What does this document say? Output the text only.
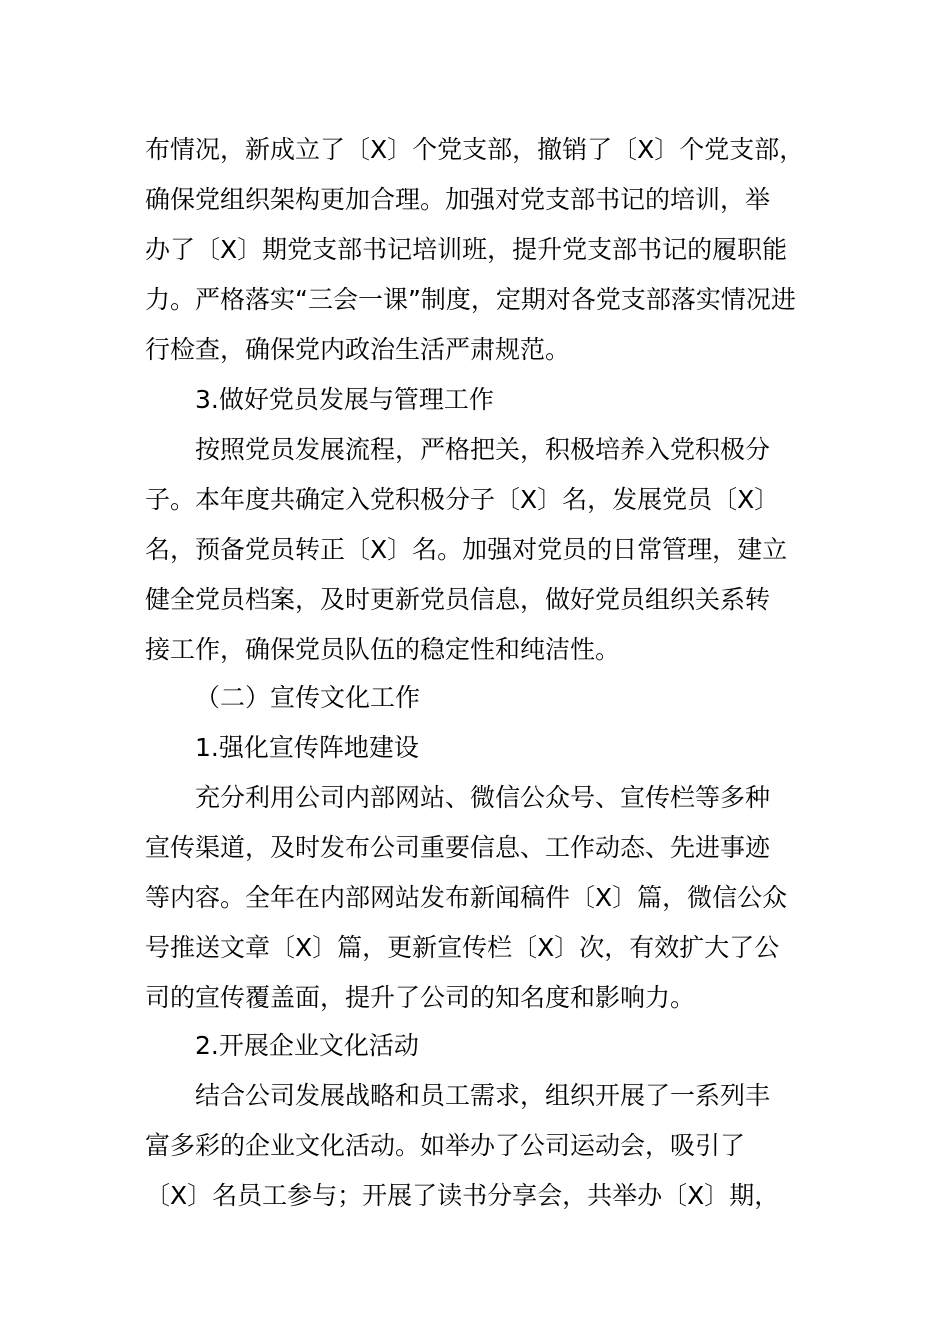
布情况，新成立了〔X〕个党支部，撤销了〔X〕个党支部，
确保党组织架构更加合理。加强对党支部书记的培训，举
办了〔X〕期党支部书记培训班，提升党支部书记的履职能
力。严格落实“三会一课”制度，定期对各党支部落实情况进
行检查，确保党内政治生活严肃规范。
3.做好党员发展与管理工作
按照党员发展流程，严格把关，积极培养入党积极分
子。本年度共确定入党积极分子〔X〕名，发展党员〔X〕
名，预备党员转正〔X〕名。加强对党员的日常管理，建立
健全党员档案，及时更新党员信息，做好党员组织关系转
接工作，确保党员队伍的稳定性和纯洁性。
（二）宣传文化工作
1.强化宣传阵地建设
充分利用公司内部网站、微信公众号、宣传栏等多种
宣传渠道，及时发布公司重要信息、工作动态、先进事迹
等内容。全年在内部网站发布新闻稿件〔X〕篇，微信公众
号推送文章〔X〕篇，更新宣传栏〔X〕次，有效扩大了公
司的宣传覆盖面，提升了公司的知名度和影响力。
2.开展企业文化活动
结合公司发展战略和员工需求，组织开展了一系列丰
富多彩的企业文化活动。如举办了公司运动会，吸引了
〔X〕名员工参与；开展了读书分享会，共举办〔X〕期，
